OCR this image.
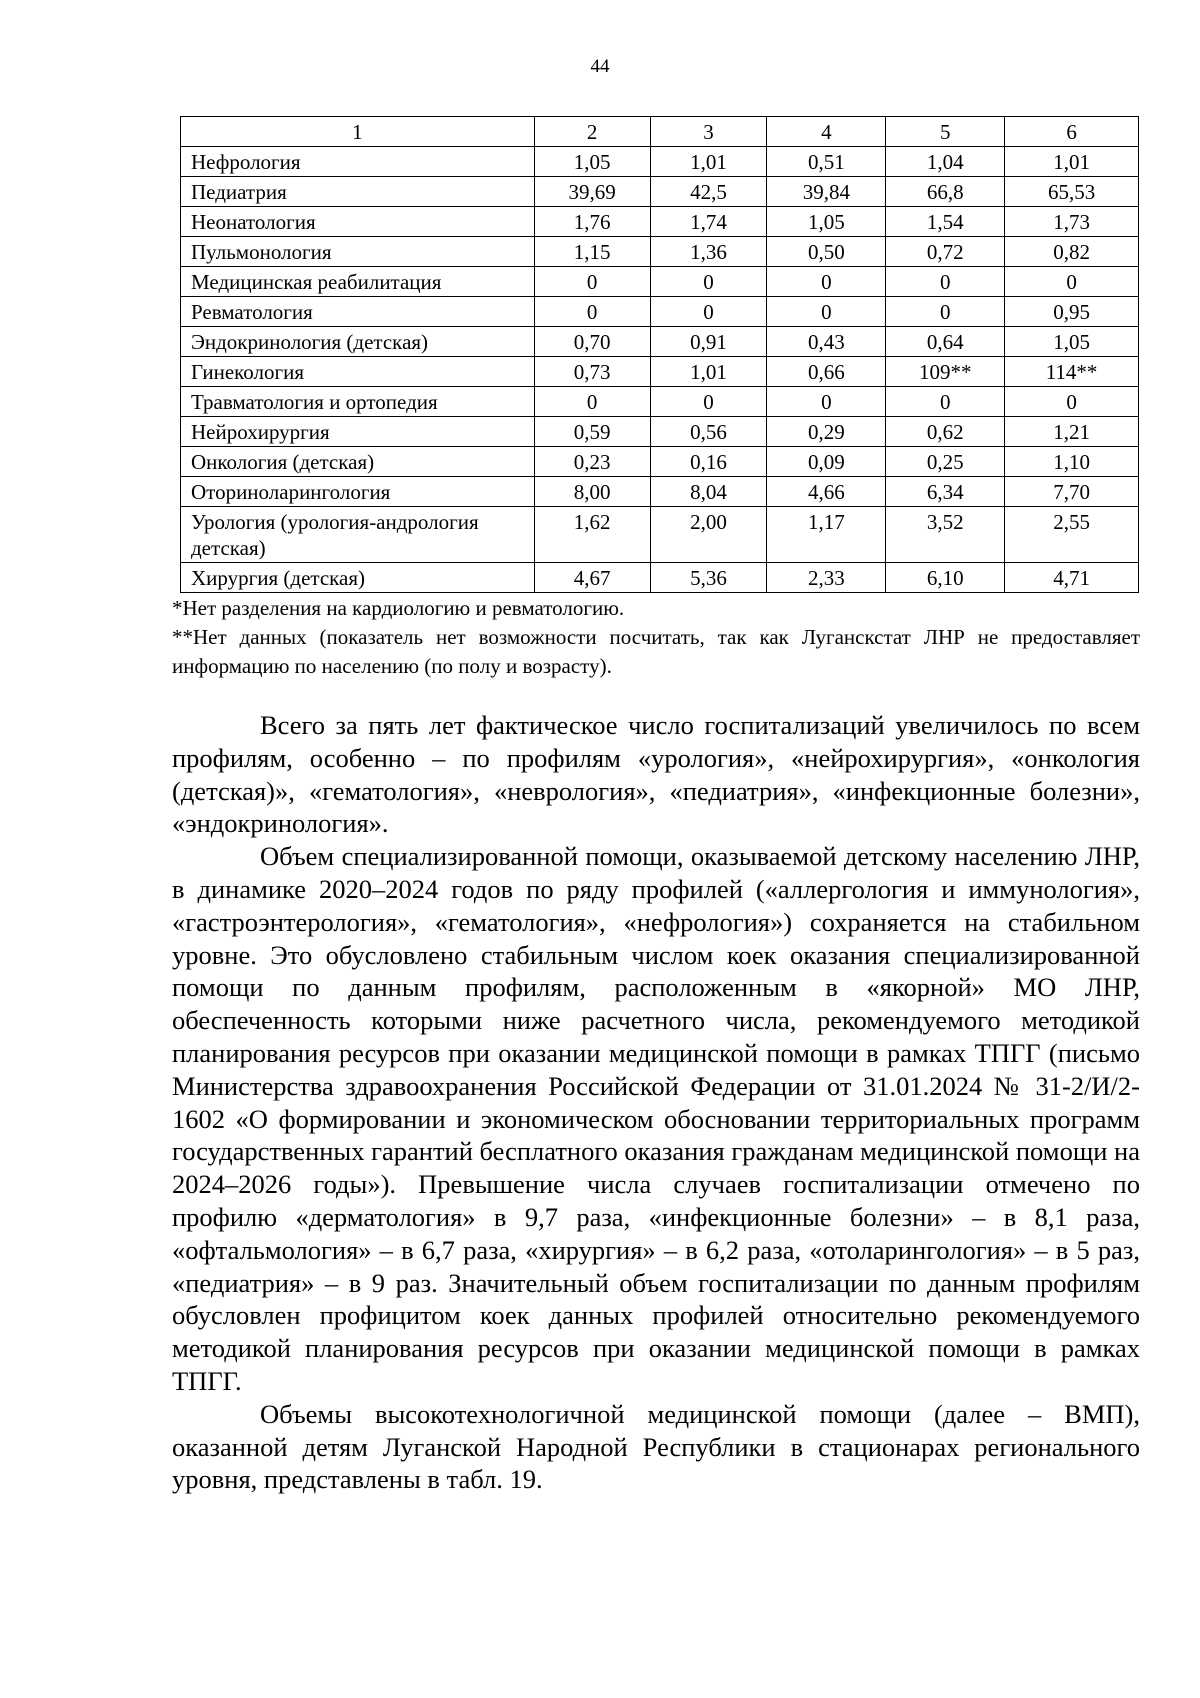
44
1	2	3	4	5	6
Нефрология	1,05	1,01	0,51	1,04	1,01
Педиатрия	39,69	42,5	39,84	66,8	65,53
Неонатология	1,76	1,74	1,05	1,54	1,73
Пульмонология	1,15	1,36	0,50	0,72	0,82
Медицинская реабилитация	0	0	0	0	0
Ревматология	0	0	0	0	0,95
Эндокринология (детская)	0,70	0,91	0,43	0,64	1,05
Гинекология	0,73	1,01	0,66	109**	114**
Травматология и ортопедия	0	0	0	0	0
Нейрохирургия	0,59	0,56	0,29	0,62	1,21
Онкология (детская)	0,23	0,16	0,09	0,25	1,10
Оториноларингология	8,00	8,04	4,66	6,34	7,70
Урология (урология-андрология детская)	1,62	2,00	1,17	3,52	2,55
Хирургия (детская)	4,67	5,36	2,33	6,10	4,71

*Нет разделения на кардиологию и ревматологию.

**Нет данных (показатель нет возможности посчитать, так как Луганскстат ЛНР не предоставляет информацию по населению (по полу и возрасту).

Всего за пять лет фактическое число госпитализаций увеличилось по всем профилям, особенно – по профилям «урология», «нейрохирургия», «онкология (детская)», «гематология», «неврология», «педиатрия», «инфекционные болезни», «эндокринология».

Объем специализированной помощи, оказываемой детскому населению ЛНР, в динамике 2020–2024 годов по ряду профилей («аллергология и иммунология», «гастроэнтерология», «гематология», «нефрология») сохраняется на стабильном уровне. Это обусловлено стабильным числом коек оказания специализированной помощи по данным профилям, расположенным в «якорной» МО ЛНР, обеспеченность которыми ниже расчетного числа, рекомендуемого методикой планирования ресурсов при оказании медицинской помощи в рамках ТПГГ (письмо Министерства здравоохранения Российской Федерации от 31.01.2024 № 31-2/И/2-1602 «О формировании и экономическом обосновании территориальных программ государственных гарантий бесплатного оказания гражданам медицинской помощи на 2024–2026 годы»). Превышение числа случаев госпитализации отмечено по профилю «дерматология» в 9,7 раза, «инфекционные болезни» – в 8,1 раза, «офтальмология» – в 6,7 раза, «хирургия» – в 6,2 раза, «отоларингология» – в 5 раз, «педиатрия» – в 9 раз. Значительный объем госпитализации по данным профилям обусловлен профицитом коек данных профилей относительно рекомендуемого методикой планирования ресурсов при оказании медицинской помощи в рамках ТПГГ.

Объемы высокотехнологичной медицинской помощи (далее – ВМП), оказанной детям Луганской Народной Республики в стационарах регионального уровня, представлены в табл. 19.
